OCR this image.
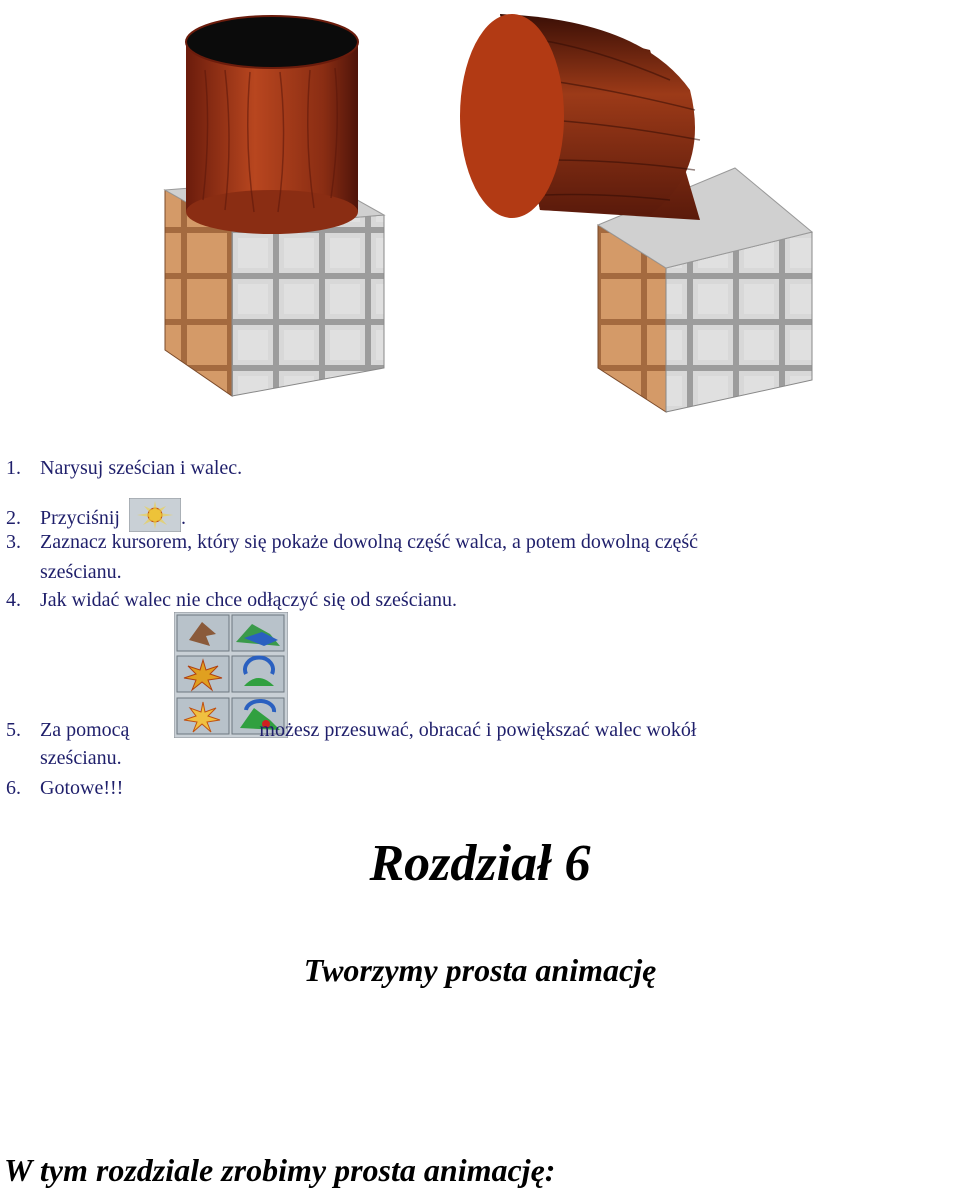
1. Narysuj sześcian i walec.
2. Przyciśnij	.
3. Zaznacz kursorem, który się pokaże dowolną część walca, a potem dowolną część
sześcianu.
4. Jak widać walec nie chce odłączyć się od sześcianu.
5. Za pomocą	możesz przesuwać, obracać i powiększać walec wokół
sześcianu.
6. Gotowe!!!
Rozdział 6
Tworzymy prosta animację
W tym rozdziale zrobimy prosta animację:
